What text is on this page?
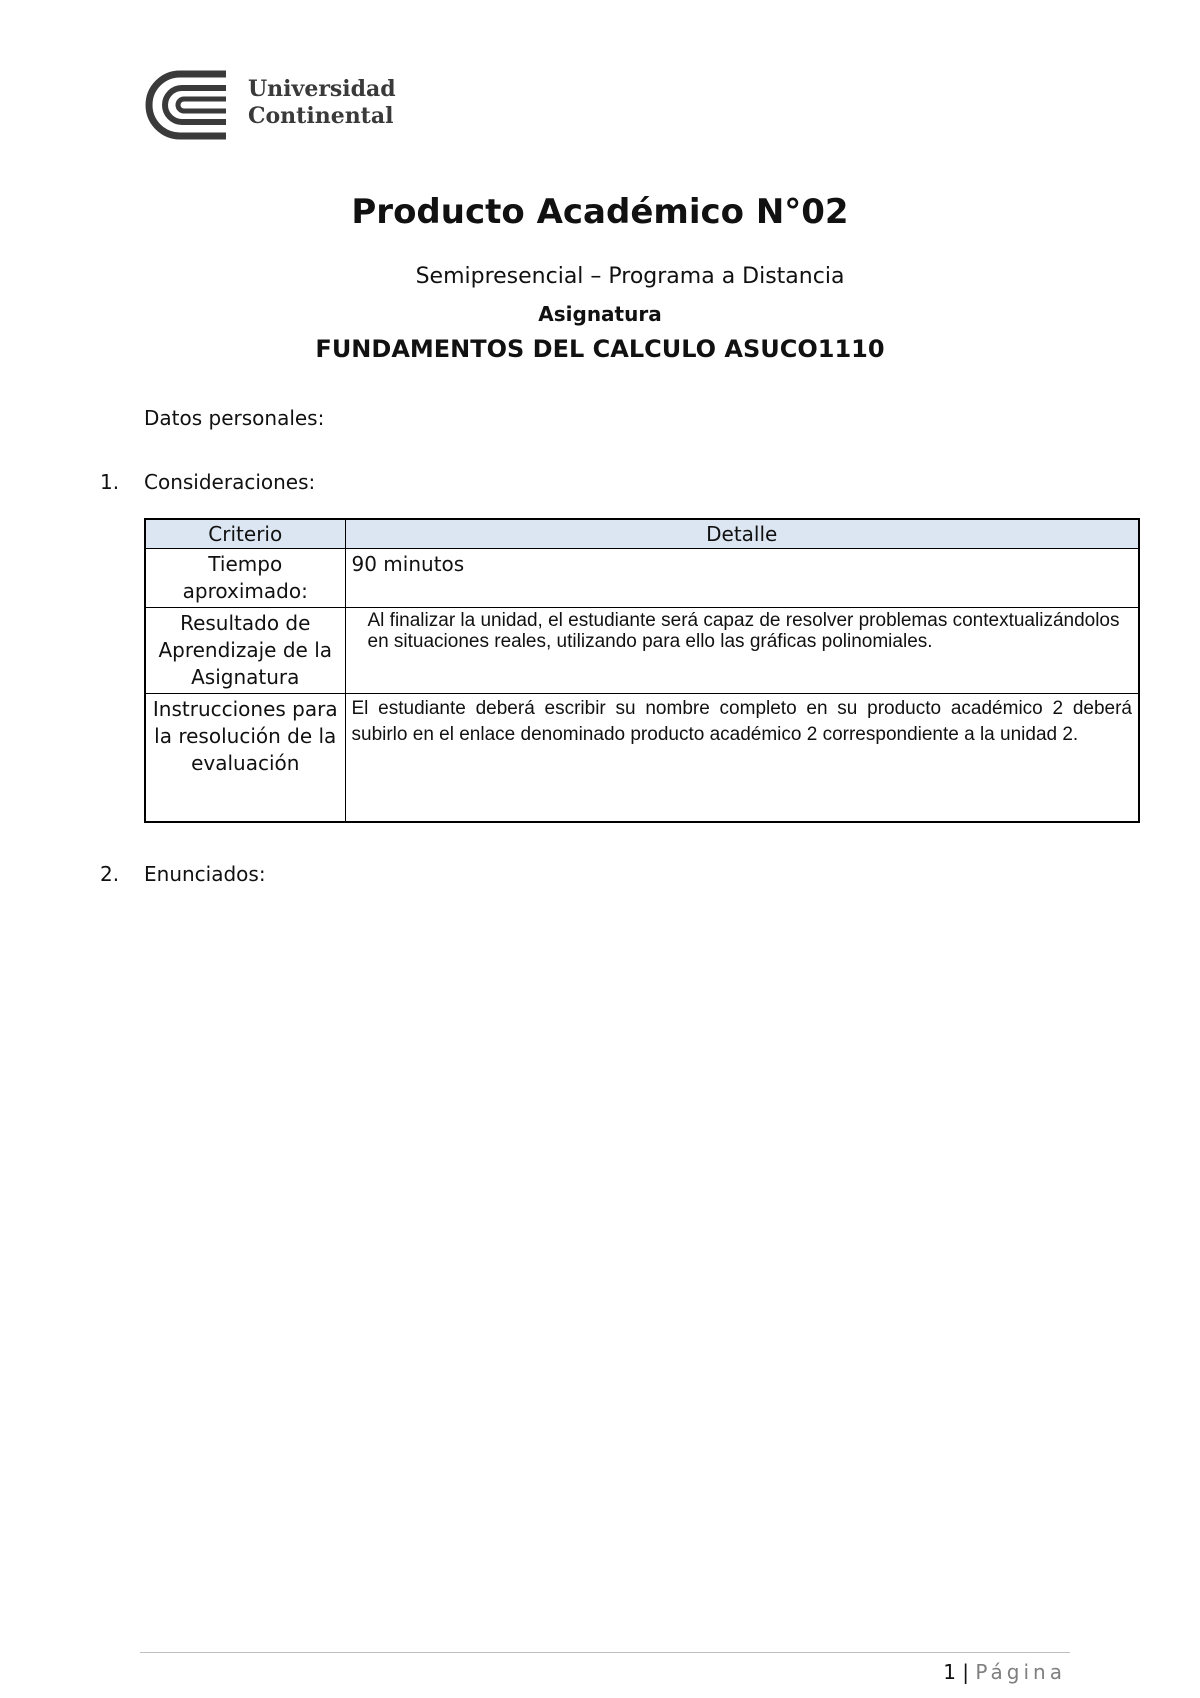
Universidad
Continental
Producto Académico N°02
Semipresencial – Programa a Distancia
Asignatura
FUNDAMENTOS DEL CALCULO ASUCO1110
Datos personales:
1. Consideraciones:
Criterio	Detalle
Tiempo aproximado:	90 minutos
Resultado de Aprendizaje de la Asignatura	Al finalizar la unidad, el estudiante será capaz de resolver problemas contextualizándolos en situaciones reales, utilizando para ello las gráficas polinomiales.
Instrucciones para la resolución de la evaluación	El estudiante deberá escribir su nombre completo en su producto académico 2 deberá subirlo en el enlace denominado producto académico 2 correspondiente a la unidad 2.
2. Enunciados:
1 | Página
